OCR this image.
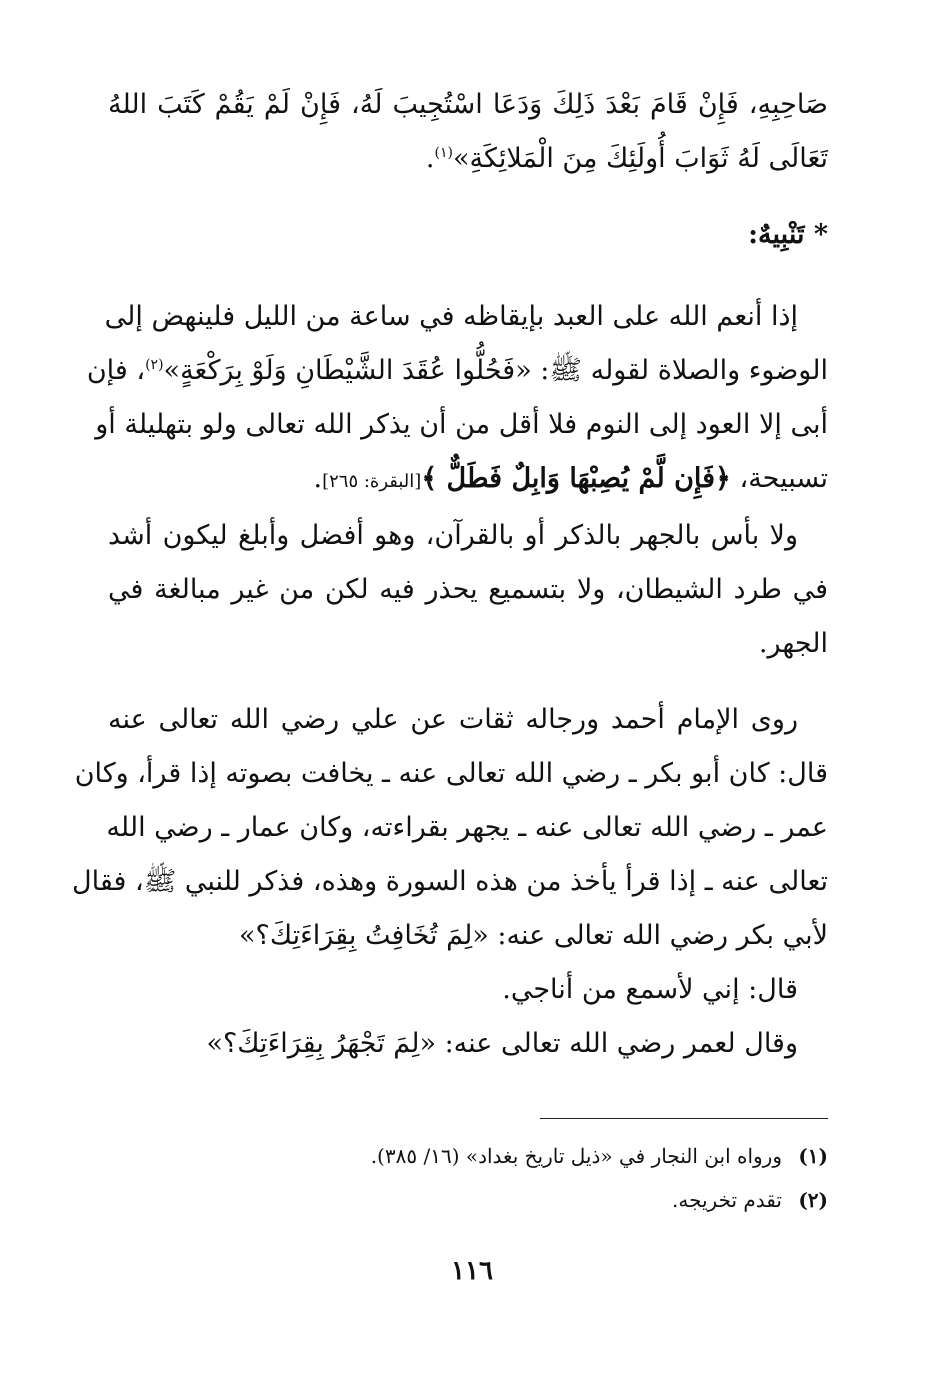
صَاحِبِهِ، فَإِنْ قَامَ بَعْدَ ذَلِكَ وَدَعَا اسْتُجِيبَ لَهُ، فَإِنْ لَمْ يَقُمْ كَتَبَ اللهُ
تَعَالَى لَهُ ثَوَابَ أُولَئِكَ مِنَ الْمَلائِكَةِ»$^{(١)}$.

* تَنْبِيهٌ:

إذا أنعم الله على العبد بإيقاظه في ساعة من الليل فلينهض إلى
الوضوء والصلاة لقوله ﷺ: «فَحُلُّوا عُقَدَ الشَّيْطَانِ وَلَوْ بِرَكْعَةٍ»$^{(٢)}$، فإن
أبى إلا العود إلى النوم فلا أقل من أن يذكر الله تعالى ولو بتهليلة أو
تسبيحة، ﴿فَإِن لَّمْ يُصِبْهَا وَابِلٌ فَطَلٌّ ﴾[البقرة: ٢٦٥].
ولا بأس بالجهر بالذكر أو بالقرآن، وهو أفضل وأبلغ ليكون أشد
في طرد الشيطان، ولا بتسميع يحذر فيه لكن من غير مبالغة في
الجهر.
روى الإمام أحمد ورجاله ثقات عن علي رضي الله تعالى عنه
قال: كان أبو بكر ـ رضي الله تعالى عنه ـ يخافت بصوته إذا قرأ، وكان
عمر ـ رضي الله تعالى عنه ـ يجهر بقراءته، وكان عمار ـ رضي الله
تعالى عنه ـ إذا قرأ يأخذ من هذه السورة وهذه، فذكر للنبي ﷺ، فقال
لأبي بكر رضي الله تعالى عنه: «لِمَ تُخَافِتُ بِقِرَاءَتِكَ؟»
قال: إني لأسمع من أناجي.
وقال لعمر رضي الله تعالى عنه: «لِمَ تَجْهَرُ بِقِرَاءَتِكَ؟»
(١)
ورواه ابن النجار في «ذيل تاريخ بغداد» (١٦/ ٣٨٥).
(٢)
تقدم تخريجه.
١١٦
